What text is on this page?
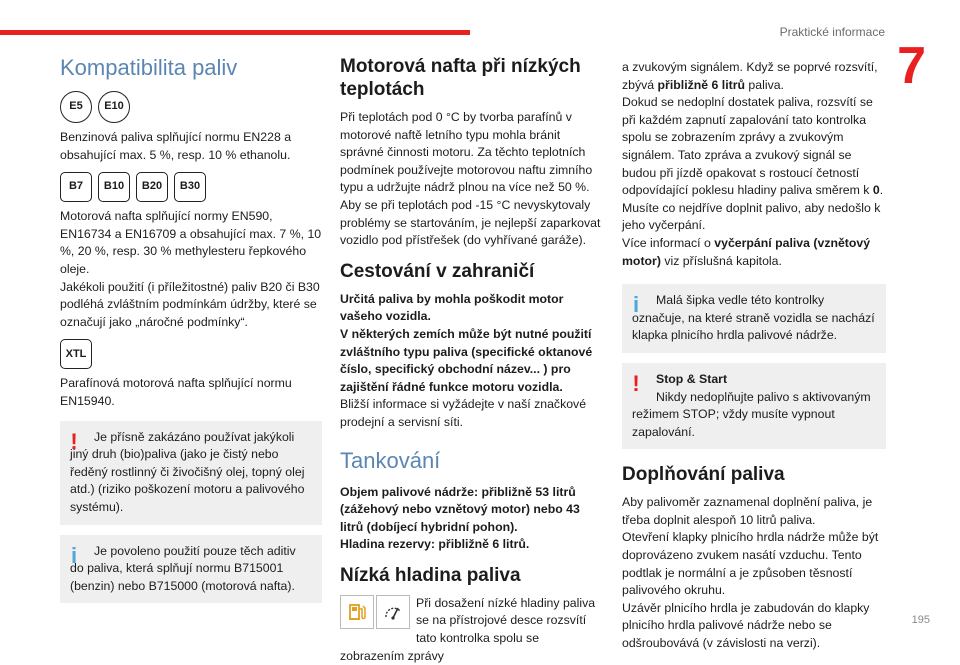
Praktické informace
7
195
Kompatibilita paliv
E5	E10

Benzinová paliva splňující normu EN228 a obsahující max. 5 %, resp. 10 % ethanolu.

B7	B10	B20	B30

Motorová nafta splňující normy EN590, EN16734 a EN16709 a obsahující max. 7 %, 10 %, 20 %, resp. 30 % methylesteru řepkového oleje.

Jakékoli použití (i příležitostné) paliv B20 či B30 podléhá zvláštním podmínkám údržby, které se označují jako „náročné podmínky“.

XTL

Parafínová motorová nafta splňující normu EN15940.

!	Je přísně zakázáno používat jakýkoli jiný druh (bio)paliva (jako je čistý nebo ředěný rostlinný či živočišný olej, topný olej atd.) (riziko poškození motoru a palivového systému).

i	Je povoleno použití pouze těch aditiv do paliva, která splňují normu B715001 (benzin) nebo B715000 (motorová nafta).

Motorová nafta při nízkých teplotách

Při teplotách pod 0 °C by tvorba parafínů v motorové naftě letního typu mohla bránit správné činnosti motoru. Za těchto teplotních podmínek používejte motorovou naftu zimního typu a udržujte nádrž plnou na více než 50 %.

Aby se při teplotách pod -15 °C nevyskytovaly problémy se startováním, je nejlepší zaparkovat vozidlo pod přístřešek (do vyhřívané garáže).

Cestování v zahraničí

Určitá paliva by mohla poškodit motor vašeho vozidla.

V některých zemích může být nutné použití zvláštního typu paliva (specifické oktanové číslo, specifický obchodní název... ) pro zajištění řádné funkce motoru vozidla.

Bližší informace si vyžádejte v naší značkové prodejní a servisní síti.

Tankování

Objem palivové nádrže: přibližně 53 litrů (zážehový nebo vznětový motor) nebo 43 litrů (dobíjecí hybridní pohon).

Hladina rezervy: přibližně 6 litrů.

Nízká hladina paliva

Při dosažení nízké hladiny paliva se na přístrojové desce rozsvítí tato kontrolka spolu se zobrazením zprávy

a zvukovým signálem. Když se poprvé rozsvítí, zbývá přibližně 6 litrů paliva.

Dokud se nedoplní dostatek paliva, rozsvítí se při každém zapnutí zapalování tato kontrolka spolu se zobrazením zprávy a zvukovým signálem. Tato zpráva a zvukový signál se budou při jízdě opakovat s rostoucí četností odpovídající poklesu hladiny paliva směrem k 0.

Musíte co nejdříve doplnit palivo, aby nedošlo k jeho vyčerpání.

Více informací o vyčerpání paliva (vznětový motor) viz příslušná kapitola.

i	Malá šipka vedle této kontrolky označuje, na které straně vozidla se nachází klapka plnicího hrdla palivové nádrže.

!	Stop & Start

Nikdy nedoplňujte palivo s aktivovaným režimem STOP; vždy musíte vypnout zapalování.

Doplňování paliva

Aby palivoměr zaznamenal doplnění paliva, je třeba doplnit alespoň 10 litrů paliva.

Otevření klapky plnicího hrdla nádrže může být doprovázeno zvukem nasátí vzduchu. Tento podtlak je normální a je způsoben těsností palivového okruhu.

Uzávěr plnicího hrdla je zabudován do klapky plnicího hrdla palivové nádrže nebo se odšroubovává (v závislosti na verzi).
